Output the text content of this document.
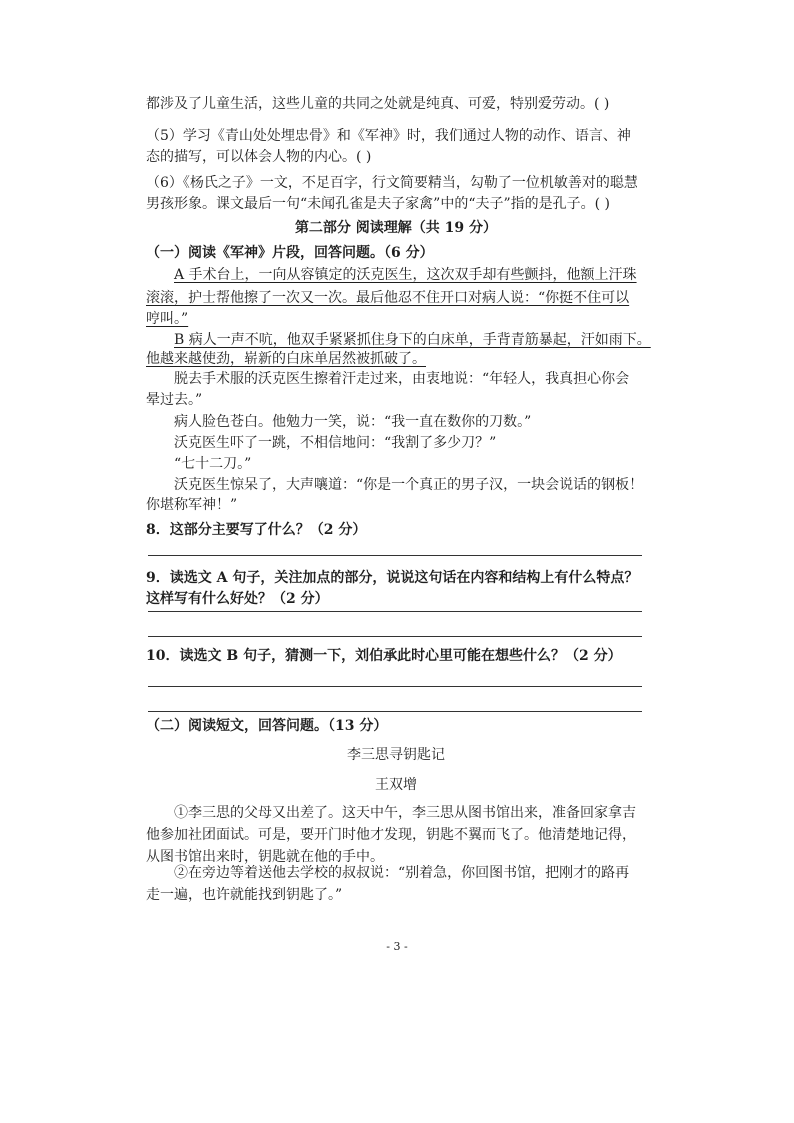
都涉及了儿童生活，这些儿童的共同之处就是纯真、可爱，特别爱劳动。( )
（5）学习《青山处处埋忠骨》和《军神》时，我们通过人物的动作、语言、神
态的描写，可以体会人物的内心。( )
（6）《杨氏之子》一文，不足百字，行文简要精当，勾勒了一位机敏善对的聪慧
男孩形象。课文最后一句“未闻孔雀是夫子家禽”中的“夫子”指的是孔子。( )
第二部分 阅读理解（共 19 分）
（一）阅读《军神》片段，回答问题。（6 分）
A 手术台上，一向从容镇定的沃克医生，这次双手却有些颤抖，他额上汗珠
滚滚，护士帮他擦了一次又一次。最后他忍不住开口对病人说：“你挺不住可以
哼叫。”
B 病人一声不吭，他双手紧紧抓住身下的白床单，手背青筋暴起，汗如雨下。
他越来越使劲，崭新的白床单居然被抓破了。
脱去手术服的沃克医生擦着汗走过来，由衷地说：“年轻人，我真担心你会
晕过去。”
病人脸色苍白。他勉力一笑，说：“我一直在数你的刀数。”
沃克医生吓了一跳，不相信地问：“我割了多少刀？”
“七十二刀。”
沃克医生惊呆了，大声嚷道：“你是一个真正的男子汉，一块会说话的钢板！
你堪称军神！”
8．这部分主要写了什么？（2 分）
9．读选文 A 句子，关注加点的部分，说说这句话在内容和结构上有什么特点？
这样写有什么好处？（2 分）
10．读选文 B 句子，猜测一下，刘伯承此时心里可能在想些什么？（2 分）
（二）阅读短文，回答问题。（13 分）
李三思寻钥匙记
王双增
①李三思的父母又出差了。这天中午，李三思从图书馆出来，准备回家拿吉
他参加社团面试。可是，要开门时他才发现，钥匙不翼而飞了。他清楚地记得，
从图书馆出来时，钥匙就在他的手中。
②在旁边等着送他去学校的叔叔说：“别着急，你回图书馆，把刚才的路再
走一遍，也许就能找到钥匙了。”
- 3 -
